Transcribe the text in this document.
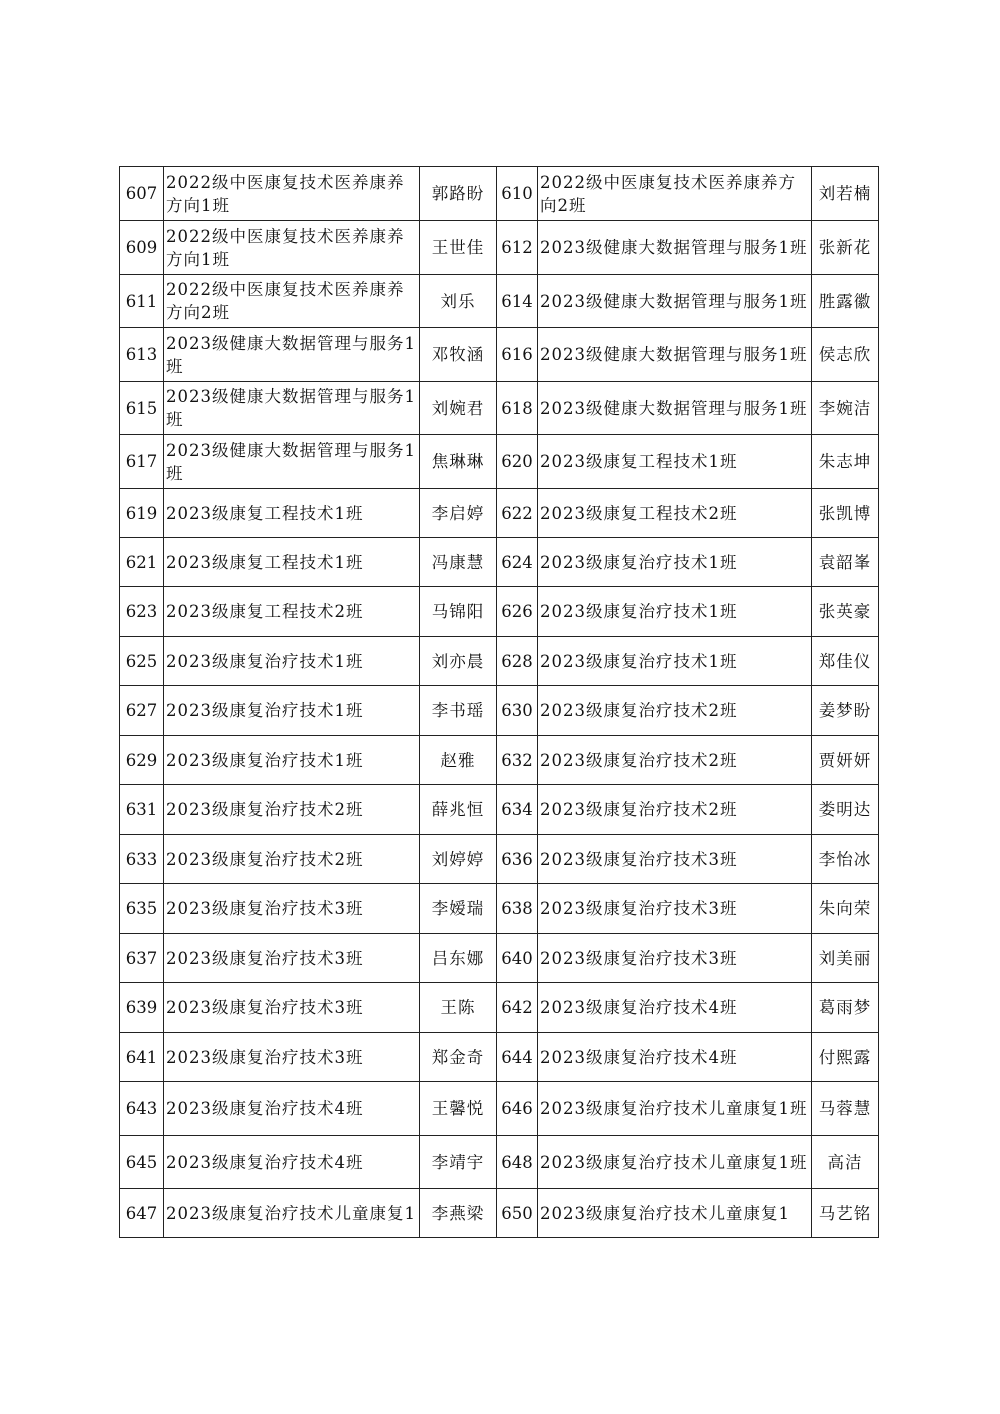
607	2022级中医康复技术医养康养方向1班	郭路盼	610	2022级中医康复技术医养康养方向2班	刘若楠
609	2022级中医康复技术医养康养方向1班	王世佳	612	2023级健康大数据管理与服务1班	张新花
611	2022级中医康复技术医养康养方向2班	刘乐	614	2023级健康大数据管理与服务1班	胜露徽
613	2023级健康大数据管理与服务1班	邓牧涵	616	2023级健康大数据管理与服务1班	侯志欣
615	2023级健康大数据管理与服务1班	刘婉君	618	2023级健康大数据管理与服务1班	李婉洁
617	2023级健康大数据管理与服务1班	焦琳琳	620	2023级康复工程技术1班	朱志坤
619	2023级康复工程技术1班	李启婷	622	2023级康复工程技术2班	张凯博
621	2023级康复工程技术1班	冯康慧	624	2023级康复治疗技术1班	袁韶峯
623	2023级康复工程技术2班	马锦阳	626	2023级康复治疗技术1班	张英豪
625	2023级康复治疗技术1班	刘亦晨	628	2023级康复治疗技术1班	郑佳仪
627	2023级康复治疗技术1班	李书瑶	630	2023级康复治疗技术2班	姜梦盼
629	2023级康复治疗技术1班	赵雅	632	2023级康复治疗技术2班	贾妍妍
631	2023级康复治疗技术2班	薛兆恒	634	2023级康复治疗技术2班	娄明达
633	2023级康复治疗技术2班	刘婷婷	636	2023级康复治疗技术3班	李怡冰
635	2023级康复治疗技术3班	李嫒瑞	638	2023级康复治疗技术3班	朱向荣
637	2023级康复治疗技术3班	吕东娜	640	2023级康复治疗技术3班	刘美丽
639	2023级康复治疗技术3班	王陈	642	2023级康复治疗技术4班	葛雨梦
641	2023级康复治疗技术3班	郑金奇	644	2023级康复治疗技术4班	付熙露
643	2023级康复治疗技术4班	王馨悦	646	2023级康复治疗技术儿童康复1班	马蓉慧
645	2023级康复治疗技术4班	李靖宇	648	2023级康复治疗技术儿童康复1班	高洁
647	2023级康复治疗技术儿童康复1	李燕梁	650	2023级康复治疗技术儿童康复1	马艺铭
